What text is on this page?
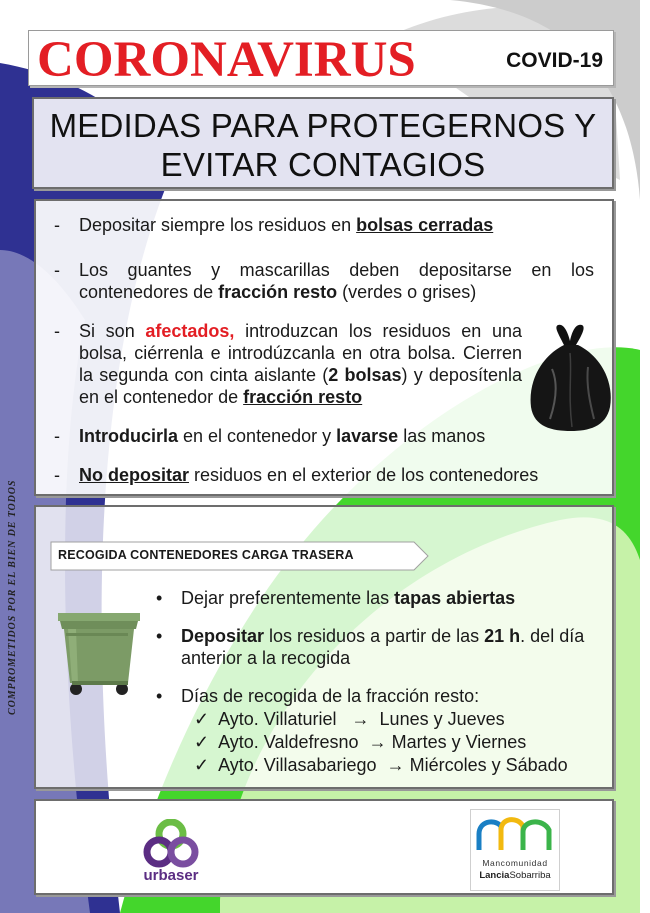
COMPROMETIDOS POR EL BIEN DE TODOS
CORONAVIRUS	COVID-19
MEDIDAS PARA PROTEGERNOS Y
EVITAR CONTAGIOS
- Depositar siempre los residuos en bolsas cerradas
- Los guantes y mascarillas deben depositarse en los contenedores de fracción resto (verdes o grises)
- Si son afectados, introduzcan los residuos en una bolsa, ciérrenla e introdúzcanla en otra bolsa. Cierren la segunda con cinta aislante (2 bolsas) y deposítenla en el contenedor de fracción resto
- Introducirla en el contenedor y lavarse las manos
- No depositar residuos en el exterior de los contenedores
RECOGIDA CONTENEDORES CARGA TRASERA
• Dejar preferentemente las tapas abiertas
• Depositar los residuos a partir de las 21 h. del día anterior a la recogida
• Días de recogida de la fracción resto:
✓ Ayto. Villaturiel → Lunes y Jueves
✓ Ayto. Valdefresno → Martes y Viernes
✓ Ayto. Villasabariego → Miércoles y Sábado
urbaser
Mancomunidad
LanciaSobarriba
